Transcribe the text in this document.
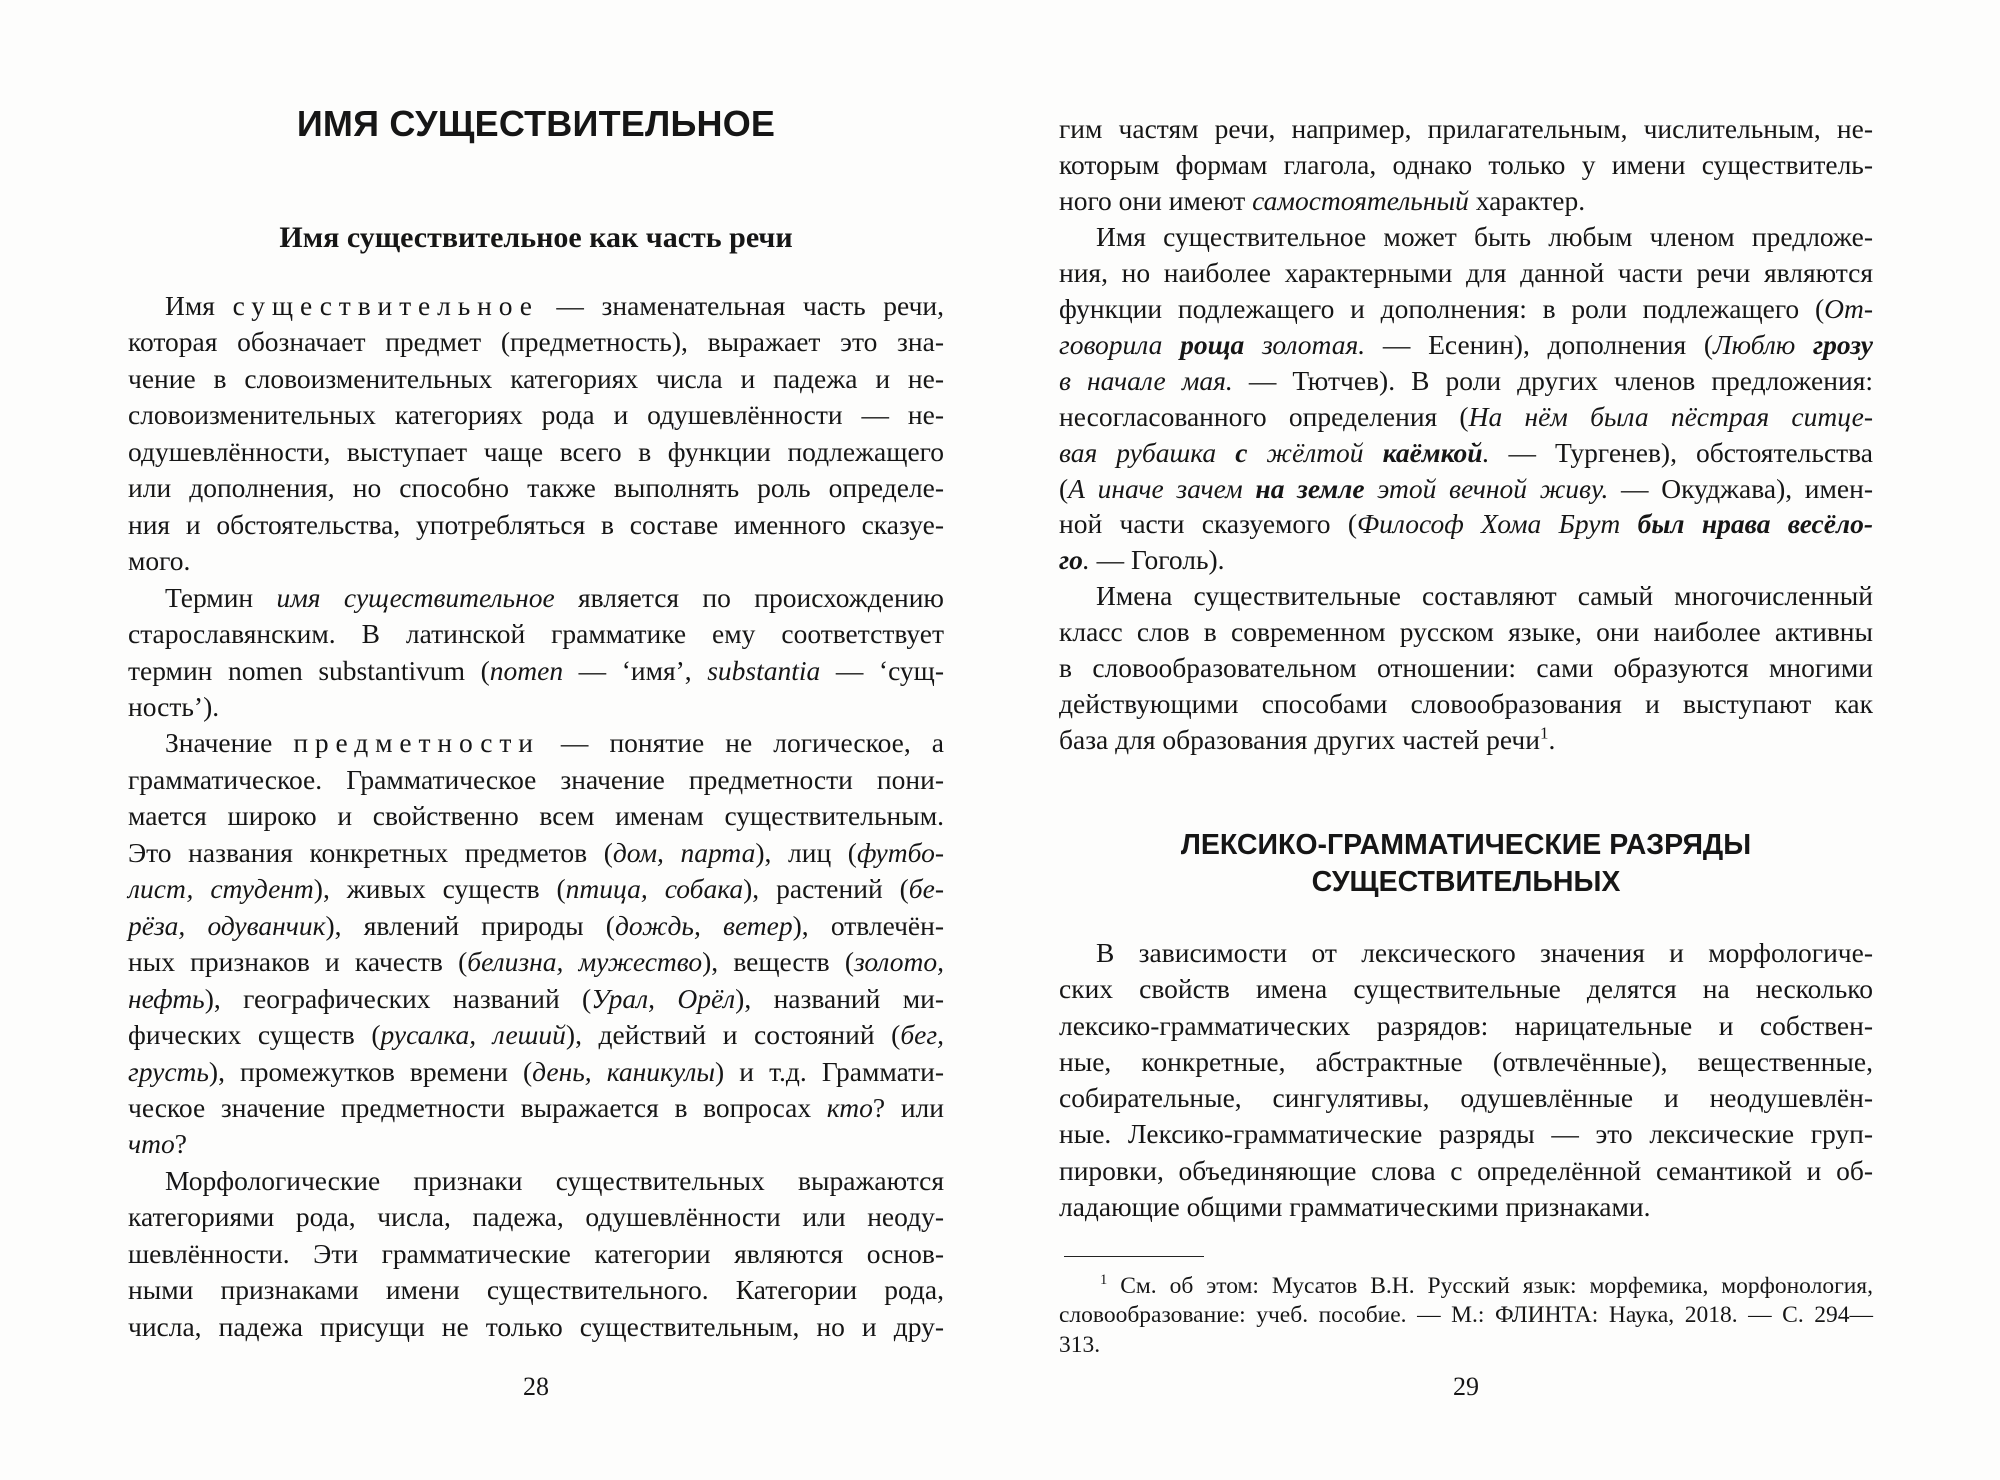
ИМЯ СУЩЕСТВИТЕЛЬНОЕ
Имя существительное как часть речи
Имя существительное — знаменательная часть речи,
которая обозначает предмет (предметность), выражает это зна-
чение в словоизменительных категориях числа и падежа и не-
словоизменительных категориях рода и одушевлённости — не-
одушевлённости, выступает чаще всего в функции подлежащего
или дополнения, но способно также выполнять роль определе-
ния и обстоятельства, употребляться в составе именного сказуе-
мого.
Термин имя существительное является по происхождению
старославянским. В латинской грамматике ему соответствует
термин nomen substantivum (nomen — ‘имя’, substantia — ‘сущ-
ность’).
Значение предметности — понятие не логическое, а
грамматическое. Грамматическое значение предметности пони-
мается широко и свойственно всем именам существительным.
Это названия конкретных предметов (дом, парта), лиц (футбо-
лист, студент), живых существ (птица, собака), растений (бе-
рёза, одуванчик), явлений природы (дождь, ветер), отвлечён-
ных признаков и качеств (белизна, мужество), веществ (золото,
нефть), географических названий (Урал, Орёл), названий ми-
фических существ (русалка, леший), действий и состояний (бег,
грусть), промежутков времени (день, каникулы) и т.д. Граммати-
ческое значение предметности выражается в вопросах кто? или
что?
Морфологические признаки существительных выражаются
категориями рода, числа, падежа, одушевлённости или неоду-
шевлённости. Эти грамматические категории являются основ-
ными признаками имени существительного. Категории рода,
числа, падежа присущи не только существительным, но и дру-
28
гим частям речи, например, прилагательным, числительным, не-
которым формам глагола, однако только у имени существитель-
ного они имеют самостоятельный характер.
Имя существительное может быть любым членом предложе-
ния, но наиболее характерными для данной части речи являются
функции подлежащего и дополнения: в роли подлежащего (От-
говорила роща золотая. — Есенин), дополнения (Люблю грозу
в начале мая. — Тютчев). В роли других членов предложения:
несогласованного определения (На нём была пёстрая ситце-
вая рубашка с жёлтой каёмкой. — Тургенев), обстоятельства
(А иначе зачем на земле этой вечной живу. — Окуджава), имен-
ной части сказуемого (Философ Хома Брут был нрава весёло-
го. — Гоголь).
Имена существительные составляют самый многочисленный
класс слов в современном русском языке, они наиболее активны
в словообразовательном отношении: сами образуются многими
действующими способами словообразования и выступают как
база для образования других частей речи$^1$.
ЛЕКСИКО-ГРАММАТИЧЕСКИЕ РАЗРЯДЫ
СУЩЕСТВИТЕЛЬНЫХ
В зависимости от лексического значения и морфологиче-
ских свойств имена существительные делятся на несколько
лексико-грамматических разрядов: нарицательные и собствен-
ные, конкретные, абстрактные (отвлечённые), вещественные,
собирательные, сингулятивы, одушевлённые и неодушевлён-
ные. Лексико-грамматические разряды — это лексические груп-
пировки, объединяющие слова с определённой семантикой и об-
ладающие общими грамматическими признаками.
$^1$ См. об этом: Мусатов В.Н. Русский язык: морфемика, морфонология,
словообразование: учеб. пособие. — М.: ФЛИНТА: Наука, 2018. — С. 294—
313.
29
